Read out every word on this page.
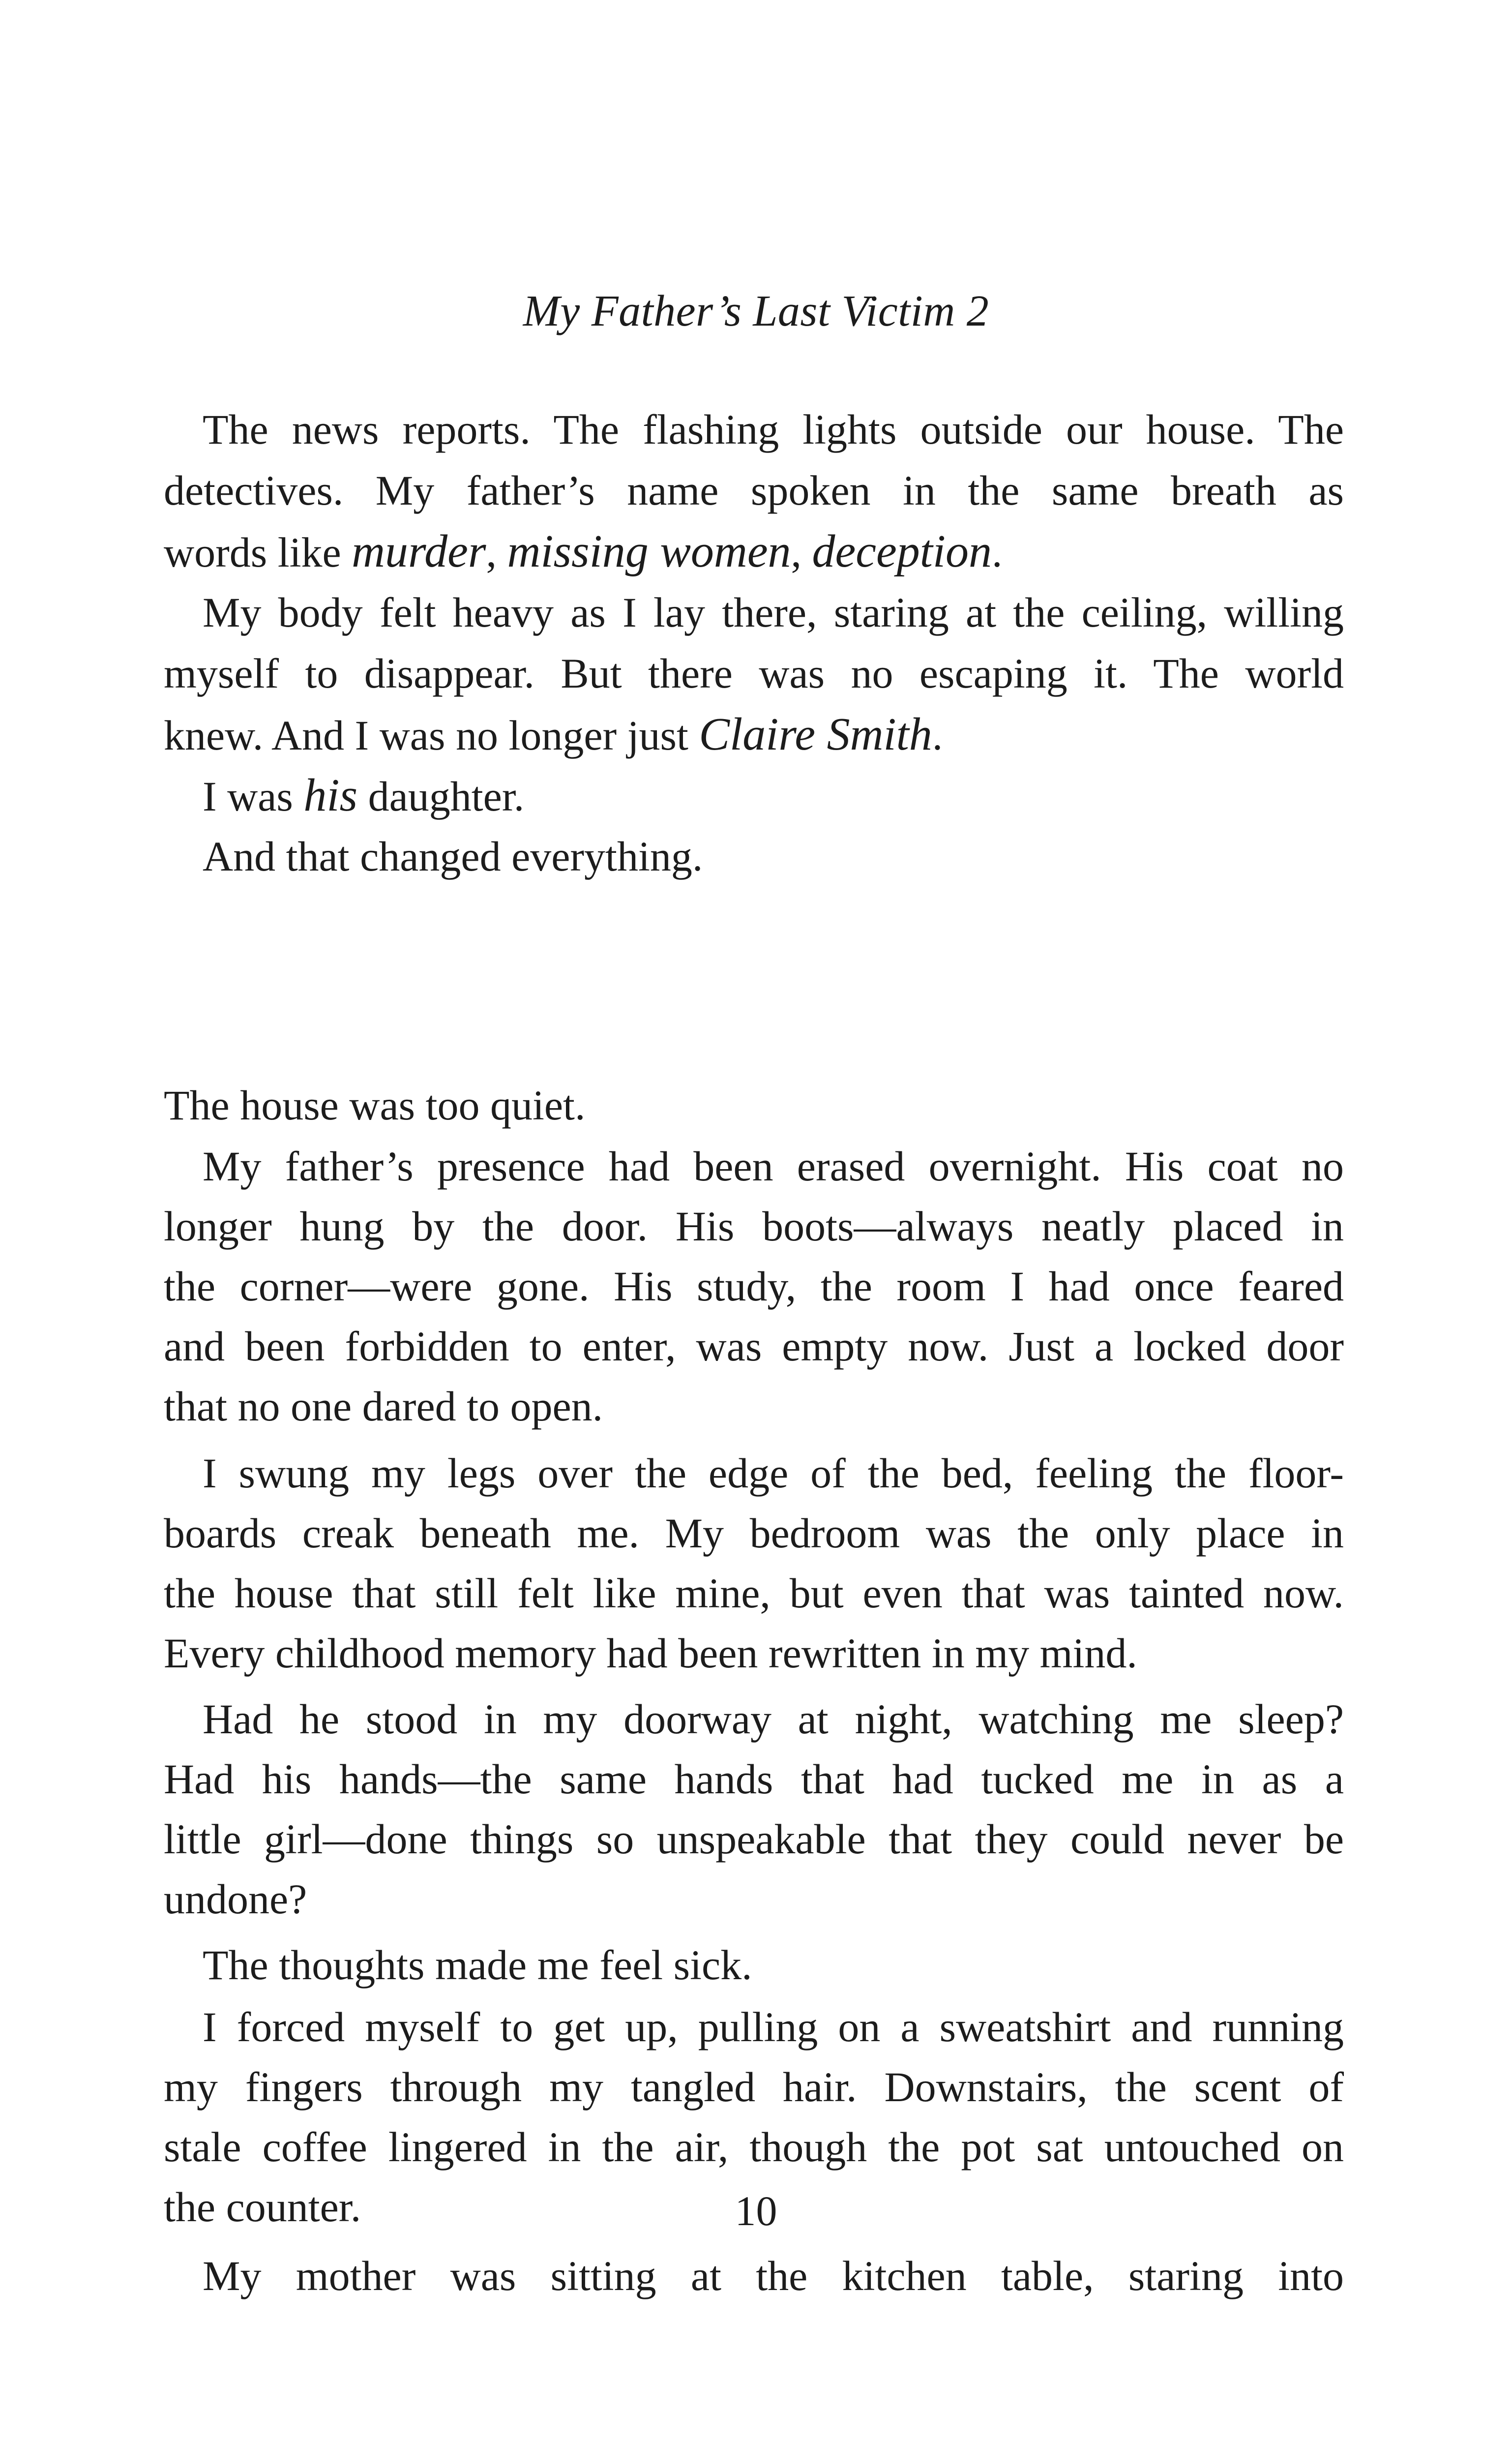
My Father’s Last Victim 2
The news reports. The flashing lights outside our house. The
detectives. My father’s name spoken in the same breath as
words like murder, missing women, deception.
My body felt heavy as I lay there, staring at the ceiling, willing
myself to disappear. But there was no escaping it. The world
knew. And I was no longer just Claire Smith.
I was his daughter.
And that changed everything.
The house was too quiet.
My father’s presence had been erased overnight. His coat no
longer hung by the door. His boots—always neatly placed in
the corner—were gone. His study, the room I had once feared
and been forbidden to enter, was empty now. Just a locked door
that no one dared to open.
I swung my legs over the edge of the bed, feeling the floor-
boards creak beneath me. My bedroom was the only place in
the house that still felt like mine, but even that was tainted now.
Every childhood memory had been rewritten in my mind.
Had he stood in my doorway at night, watching me sleep?
Had his hands—the same hands that had tucked me in as a
little girl—done things so unspeakable that they could never be
undone?
The thoughts made me feel sick.
I forced myself to get up, pulling on a sweatshirt and running
my fingers through my tangled hair. Downstairs, the scent of
stale coffee lingered in the air, though the pot sat untouched on
the counter.	10
My mother was sitting at the kitchen table, staring into
